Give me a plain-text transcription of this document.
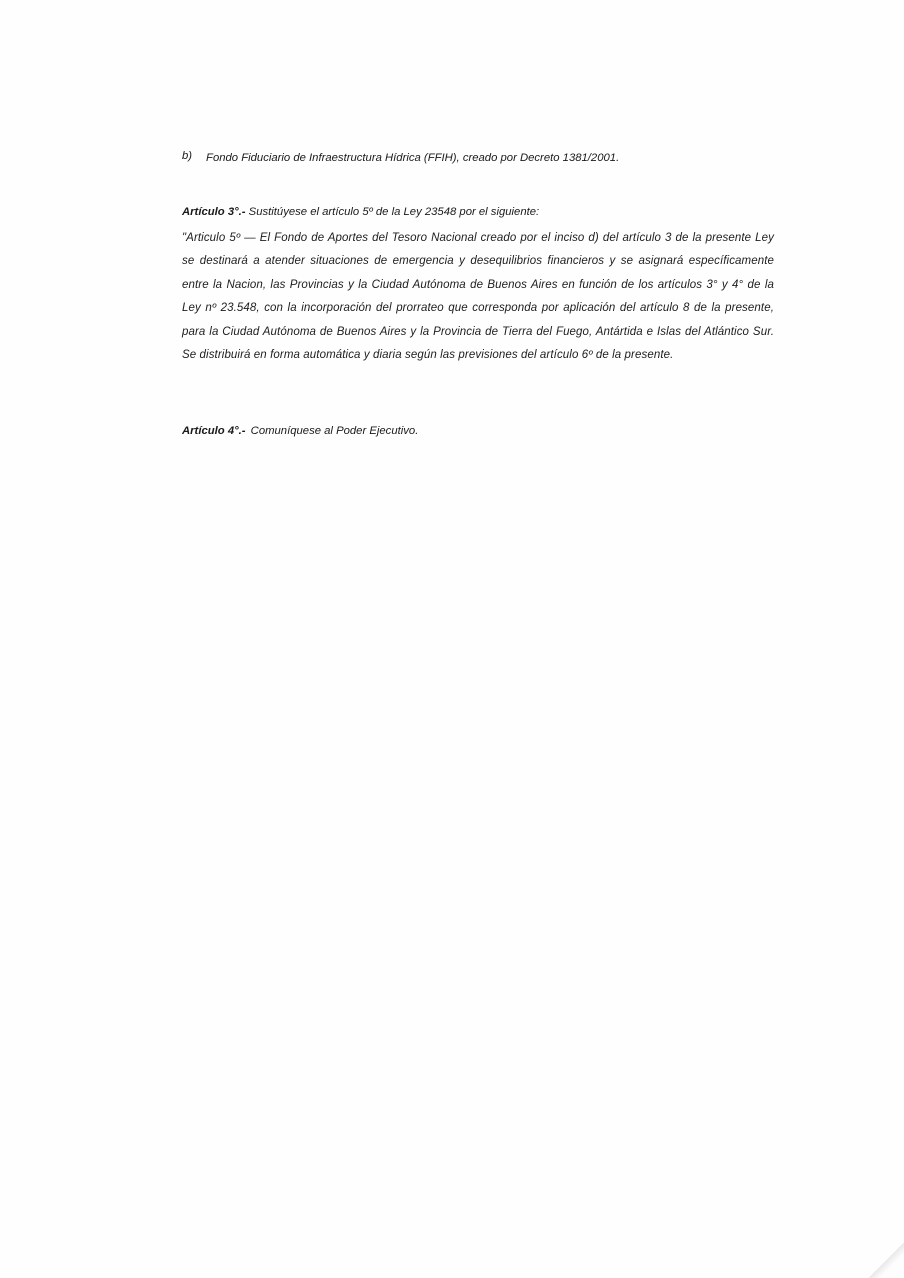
b) Fondo Fiduciario de Infraestructura Hídrica (FFIH), creado por Decreto 1381/2001.
Artículo 3°.- Sustitúyese el artículo 5º de la Ley 23548 por el siguiente:

"Articulo 5º — El Fondo de Aportes del Tesoro Nacional creado por el inciso d) del artículo 3 de la presente Ley se destinará a atender situaciones de emergencia y desequilibrios financieros y se asignará específicamente entre la Nacion, las Provincias y la Ciudad Autónoma de Buenos Aires en función de los artículos 3° y 4° de la Ley nº 23.548, con la incorporación del prorrateo que corresponda por aplicación del artículo 8 de la presente, para la Ciudad Autónoma de Buenos Aires y la Provincia de Tierra del Fuego, Antártida e Islas del Atlántico Sur. Se distribuirá en forma automática y diaria según las previsiones del artículo 6º de la presente.

Artículo 4°.- Comuníquese al Poder Ejecutivo.
